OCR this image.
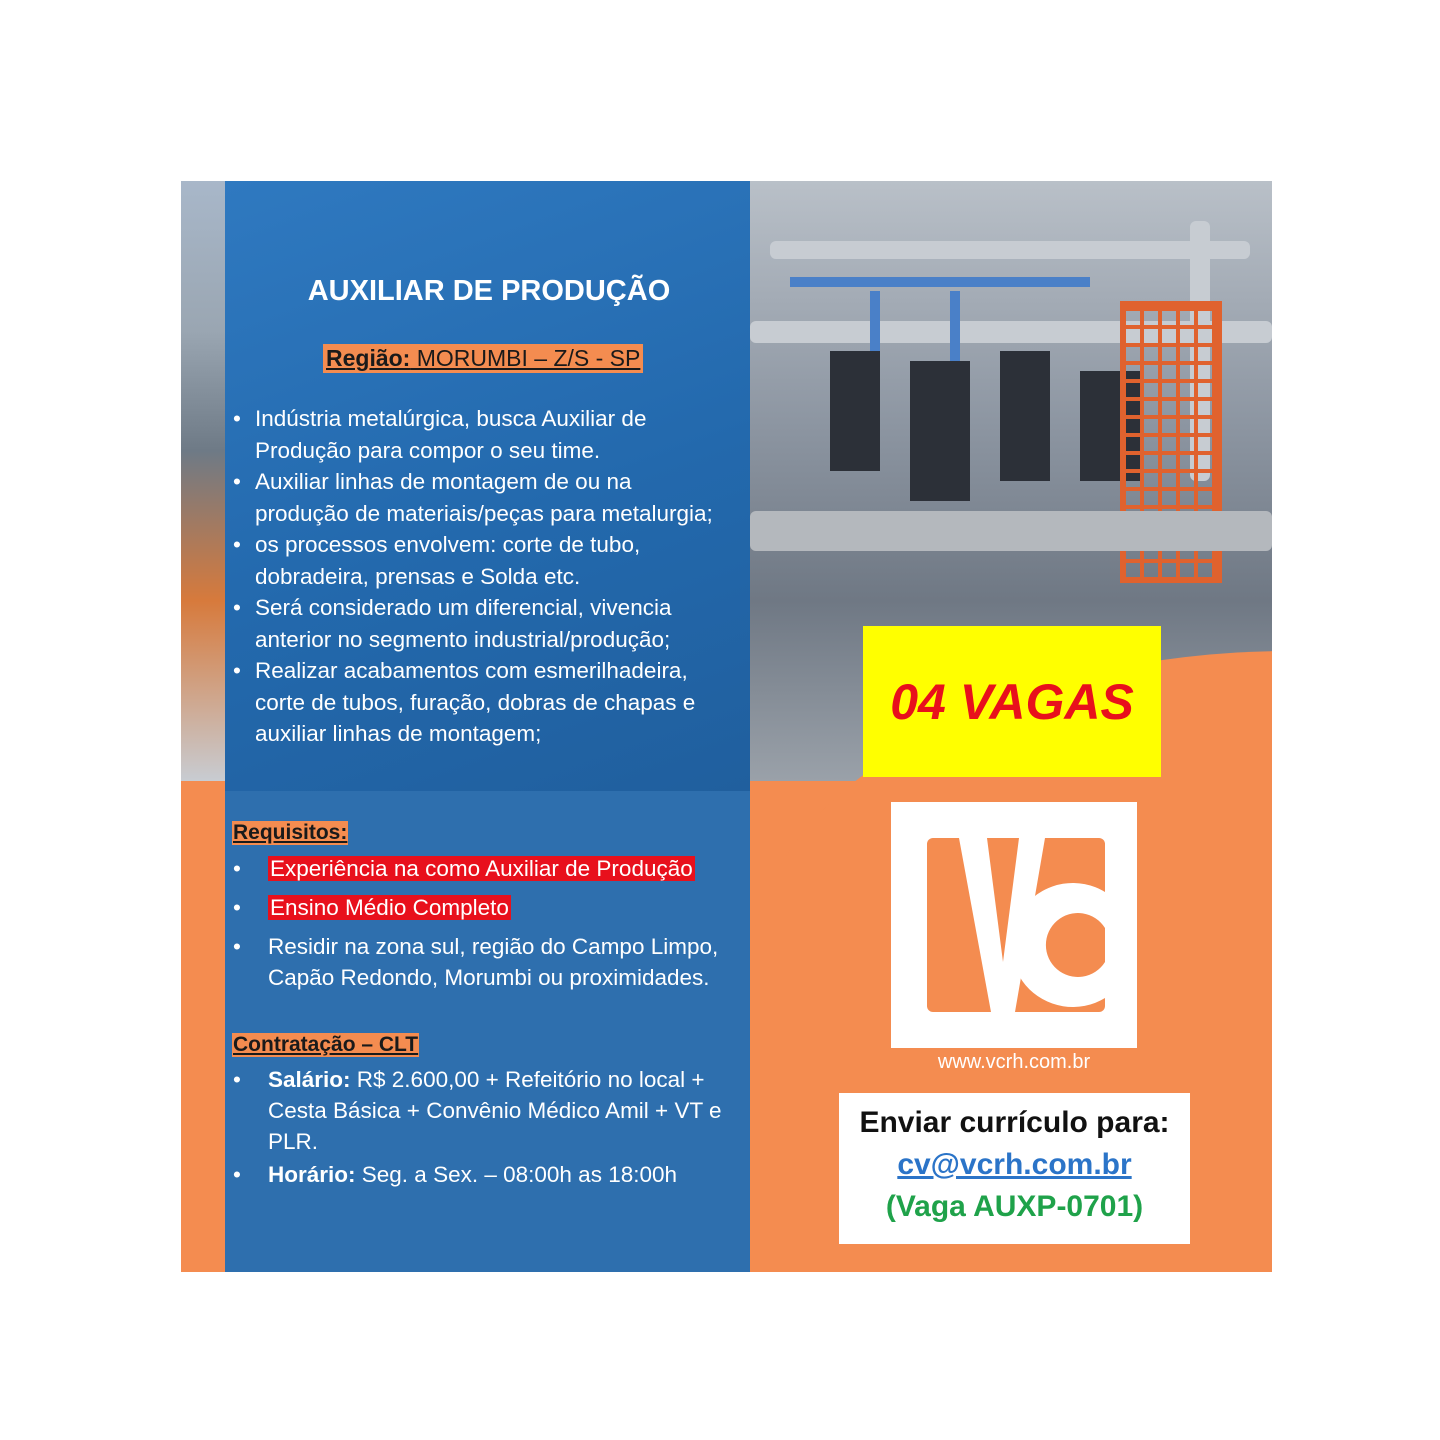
AUXILIAR DE PRODUÇÃO
Região: MORUMBI – Z/S - SP
• Indústria metalúrgica, busca Auxiliar de Produção para compor o seu time.
• Auxiliar linhas de montagem de ou na produção de materiais/peças para metalurgia;
• os processos envolvem: corte de tubo, dobradeira, prensas e Solda etc.
• Será considerado um diferencial, vivencia anterior no segmento industrial/produção;
• Realizar acabamentos com esmerilhadeira, corte de tubos, furação, dobras de chapas e auxiliar linhas de montagem;
Requisitos:
• Experiência na como Auxiliar de Produção
• Ensino Médio Completo
• Residir na zona sul, região do Campo Limpo, Capão Redondo, Morumbi ou proximidades.
Contratação – CLT
• Salário: R$ 2.600,00 + Refeitório no local + Cesta Básica + Convênio Médico Amil + VT e PLR.
• Horário: Seg. a Sex. – 08:00h as 18:00h
04 VAGAS
www.vcrh.com.br
Enviar currículo para:
cv@vcrh.com.br
(Vaga AUXP-0701)
